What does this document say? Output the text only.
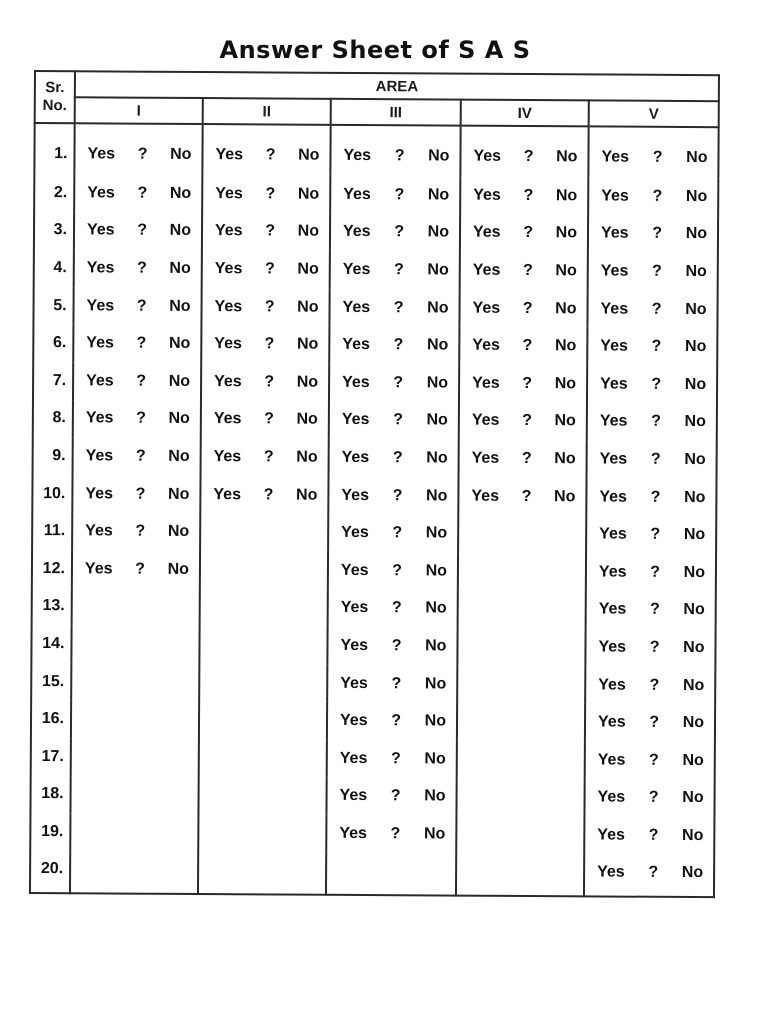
Answer Sheet of S A S
Sr.
No.	AREA				
	I	II	III	IV	V
1.	Yes ? No	Yes ? No	Yes ? No	Yes ? No	Yes ? No

2.	Yes ? No	Yes ? No	Yes ? No	Yes ? No	Yes ? No

3.	Yes ? No	Yes ? No	Yes ? No	Yes ? No	Yes ? No

4.	Yes ? No	Yes ? No	Yes ? No	Yes ? No	Yes ? No

5.	Yes ? No	Yes ? No	Yes ? No	Yes ? No	Yes ? No

6.	Yes ? No	Yes ? No	Yes ? No	Yes ? No	Yes ? No

7.	Yes ? No	Yes ? No	Yes ? No	Yes ? No	Yes ? No

8.	Yes ? No	Yes ? No	Yes ? No	Yes ? No	Yes ? No

9.	Yes ? No	Yes ? No	Yes ? No	Yes ? No	Yes ? No

10.	Yes ? No	Yes ? No	Yes ? No	Yes ? No	Yes ? No

11.	Yes ? No		Yes ? No		Yes ? No

12.	Yes ? No		Yes ? No		Yes ? No

13.			Yes ? No		Yes ? No

14.			Yes ? No		Yes ? No

15.			Yes ? No		Yes ? No

16.			Yes ? No		Yes ? No

17.			Yes ? No		Yes ? No

18.			Yes ? No		Yes ? No

19.			Yes ? No		Yes ? No

20.					Yes ? No
